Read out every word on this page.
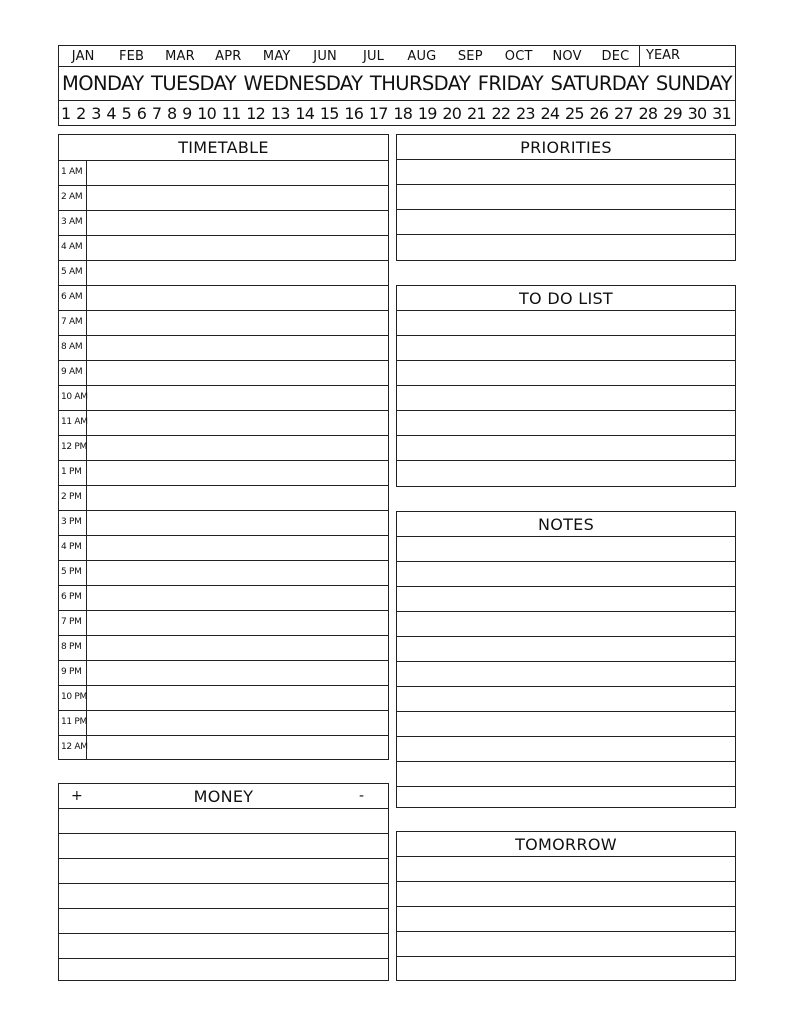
JAN	FEB	MAR	APR	MAY	JUN	JUL	AUG	SEP	OCT	NOV	DEC	YEAR
MONDAY TUESDAY WEDNESDAY THURSDAY FRIDAY SATURDAY SUNDAY
1 2 3 4 5 6 7 8 9 10 11 12 13 14 15 16 17 18 19 20 21 22 23 24 25 26 27 28 29 30 31
TIMETABLE
1 AM
2 AM
3 AM
4 AM
5 AM
6 AM
7 AM
8 AM
9 AM
10 AM
11 AM
12 PM
1 PM
2 PM
3 PM
4 PM
5 PM
6 PM
7 PM
8 PM
9 PM
10 PM
11 PM
12 AM
PRIORITIES
TO DO LIST
NOTES
+	MONEY	-
TOMORROW
